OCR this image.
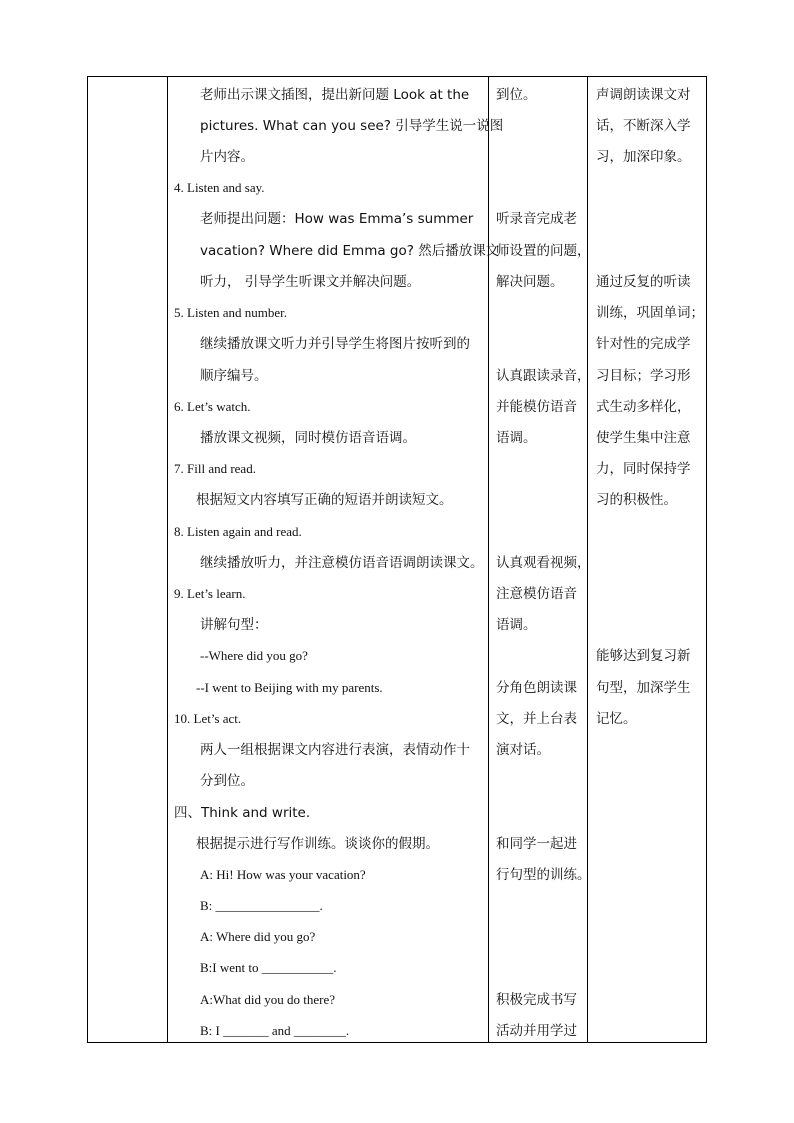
老师出示课文插图，提出新问题 Look at the
pictures. What can you see? 引导学生说一说图
片内容。
4. Listen and say.
老师提出问题：How was Emma’s summer
vacation? Where did Emma go? 然后播放课文
听力， 引导学生听课文并解决问题。
5. Listen and number.
继续播放课文听力并引导学生将图片按听到的
顺序编号。
6. Let’s watch.
播放课文视频，同时模仿语音语调。
7. Fill and read.
根据短文内容填写正确的短语并朗读短文。
8. Listen again and read.
继续播放听力，并注意模仿语音语调朗读课文。
9. Let’s learn.
讲解句型：
--Where did you go?
--I went to Beijing with my parents.
10. Let’s act.
两人一组根据课文内容进行表演，表情动作十
分到位。
四、Think and write.
根据提示进行写作训练。谈谈你的假期。
A: Hi! How was your vacation?
B: ________________.
A: Where did you go?
B:I went to ___________.
A:What did you do there?
B: I _______ and ________.
到位。
听录音完成老
师设置的问题，
解决问题。
认真跟读录音，
并能模仿语音
语调。
认真观看视频，
注意模仿语音
语调。
分角色朗读课
文，并上台表
演对话。
和同学一起进
行句型的训练。
积极完成书写
活动并用学过
声调朗读课文对
话，不断深入学
习，加深印象。
通过反复的听读
训练，巩固单词；
针对性的完成学
习目标；学习形
式生动多样化，
使学生集中注意
力，同时保持学
习的积极性。
能够达到复习新
句型，加深学生
记忆。
